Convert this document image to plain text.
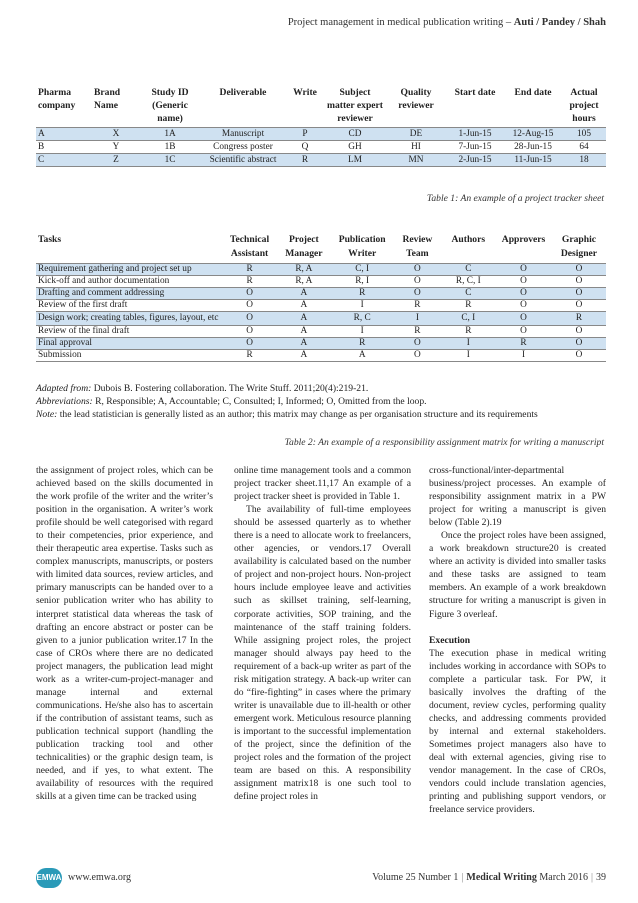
Project management in medical publication writing – Auti / Pandey / Shah
Pharma company	Brand Name	Study ID (Generic name)	Deliverable	Write	Subject matter expert reviewer	Quality reviewer	Start date	End date	Actual project hours
A	X	1A	Manuscript	P	CD	DE	1-Jun-15	12-Aug-15	105
B	Y	1B	Congress poster	Q	GH	HI	7-Jun-15	28-Jun-15	64
C	Z	1C	Scientific abstract	R	LM	MN	2-Jun-15	11-Jun-15	18
Table 1: An example of a project tracker sheet
Tasks	Technical Assistant	Project Manager	Publication Writer	Review Team	Authors	Approvers	Graphic Designer
Requirement gathering and project set up	R	R, A	C, I	O	C	O	O
Kick-off and author documentation	R	R, A	R, I	O	R, C, I	O	O
Drafting and comment addressing	O	A	R	O	C	O	O
Review of the first draft	O	A	I	R	R	O	O
Design work; creating tables, figures, layout, etc	O	A	R, C	I	C, I	O	R
Review of the final draft	O	A	I	R	R	O	O
Final approval	O	A	R	O	I	R	O
Submission	R	A	A	O	I	I	O

Adapted from: Dubois B. Fostering collaboration. The Write Stuff. 2011;20(4):219-21.

Abbreviations: R, Responsible; A, Accountable; C, Consulted; I, Informed; O, Omitted from the loop.

Note: the lead statistician is generally listed as an author; this matrix may change as per organisation structure and its requirements

Table 2: An example of a responsibility assignment matrix for writing a manuscript

the assignment of project roles, which can be achieved based on the skills documented in the work profile of the writer and the writer’s position in the organisation. A writer’s work profile should be well categorised with regard to their competencies, prior experience, and their therapeutic area expertise. Tasks such as complex manuscripts, manuscripts, or posters with limited data sources, review articles, and primary manuscripts can be handed over to a senior publication writer who has ability to interpret statistical data whereas the task of drafting an encore abstract or poster can be given to a junior publication writer.17 In the case of CROs where there are no dedicated project managers, the publication lead might work as a writer-cum-project-manager and manage internal and external communications. He/she also has to ascertain if the contribution of assistant teams, such as publication technical support (handling the publication tracking tool and other technicalities) or the graphic design team, is needed, and if yes, to what extent. The availability of resources with the required skills at a given time can be tracked using

online time management tools and a common project tracker sheet.11,17 An example of a project tracker sheet is provided in Table 1.

The availability of full-time employees should be assessed quarterly as to whether there is a need to allocate work to freelancers, other agencies, or vendors.17 Overall availability is calculated based on the number of project and non-project hours. Non-project hours include employee leave and activities such as skillset training, self-learning, corporate activities, SOP training, and the maintenance of the staff training folders. While assigning project roles, the project manager should always pay heed to the requirement of a back-up writer as part of the risk mitigation strategy. A back-up writer can do “fire-fighting” in cases where the primary writer is unavailable due to ill-health or other emergent work. Meticulous resource planning is important to the successful implementation of the project, since the definition of the project roles and the formation of the project team are based on this. A responsibility assignment matrix18 is one such tool to define project roles in

cross-functional/inter-departmental business/project processes. An example of responsibility assignment matrix in a PW project for writing a manuscript is given below (Table 2).19

Once the project roles have been assigned, a work breakdown structure20 is created where an activity is divided into smaller tasks and these tasks are assigned to team members. An example of a work breakdown structure for writing a manuscript is given in Figure 3 overleaf.

Execution

The execution phase in medical writing includes working in accordance with SOPs to complete a particular task. For PW, it basically involves the drafting of the document, review cycles, performing quality checks, and addressing comments provided by internal and external stakeholders. Sometimes project managers also have to deal with external agencies, giving rise to vendor management. In the case of CROs, vendors could include translation agencies, printing and publishing support vendors, or freelance service providers.

EMWA www.emwa.org	Volume 25 Number 1 | Medical Writing March 2016 | 39
